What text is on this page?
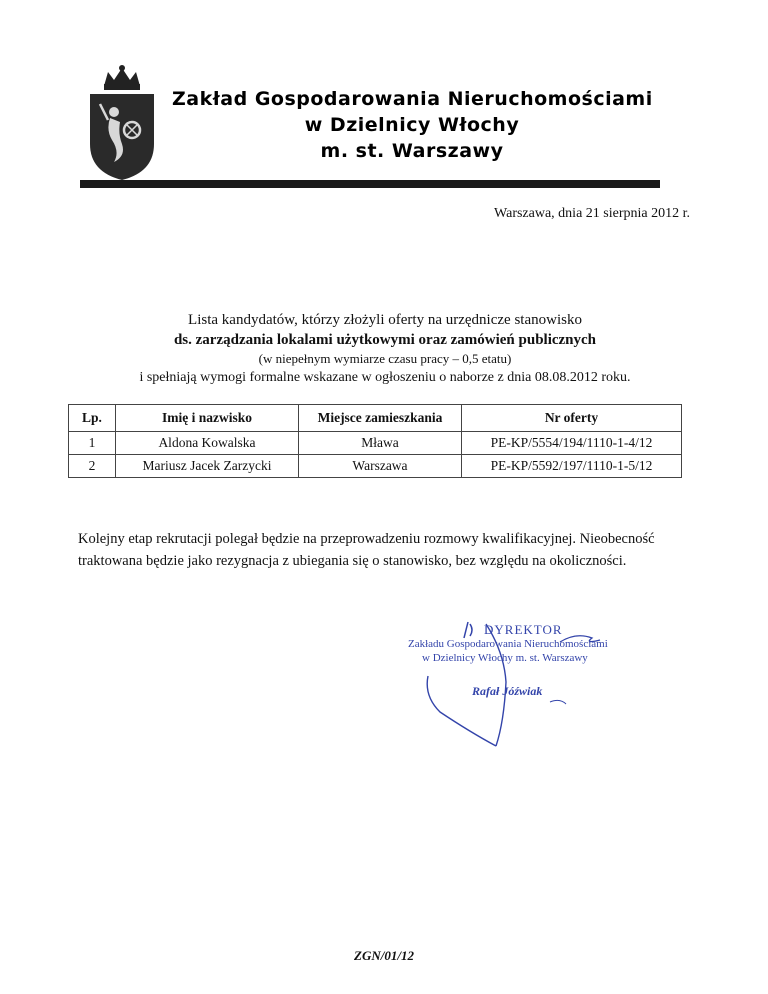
Zakład Gospodarowania Nieruchomościami
w Dzielnicy Włochy
m. st. Warszawy
Warszawa, dnia 21 sierpnia 2012 r.
Lista kandydatów, którzy złożyli oferty na urzędnicze stanowisko
ds. zarządzania lokalami użytkowymi oraz zamówień publicznych
(w niepełnym wymiarze czasu pracy – 0,5 etatu)
i spełniają wymogi formalne wskazane w ogłoszeniu o naborze z dnia 08.08.2012 roku.
Lp.	Imię i nazwisko	Miejsce zamieszkania	Nr oferty
1	Aldona Kowalska	Mława	PE-KP/5554/194/1110-1-4/12
2	Mariusz Jacek Zarzycki	Warszawa	PE-KP/5592/197/1110-1-5/12
Kolejny etap rekrutacji polegał będzie na przeprowadzeniu rozmowy kwalifikacyjnej. Nieobecność traktowana będzie jako rezygnacja z ubiegania się o stanowisko, bez względu na okoliczności.
DYREKTOR
Zakładu Gospodarowania Nieruchomościami
w Dzielnicy Włochy m. st. Warszawy
Rafał Jóźwiak
ZGN/01/12
